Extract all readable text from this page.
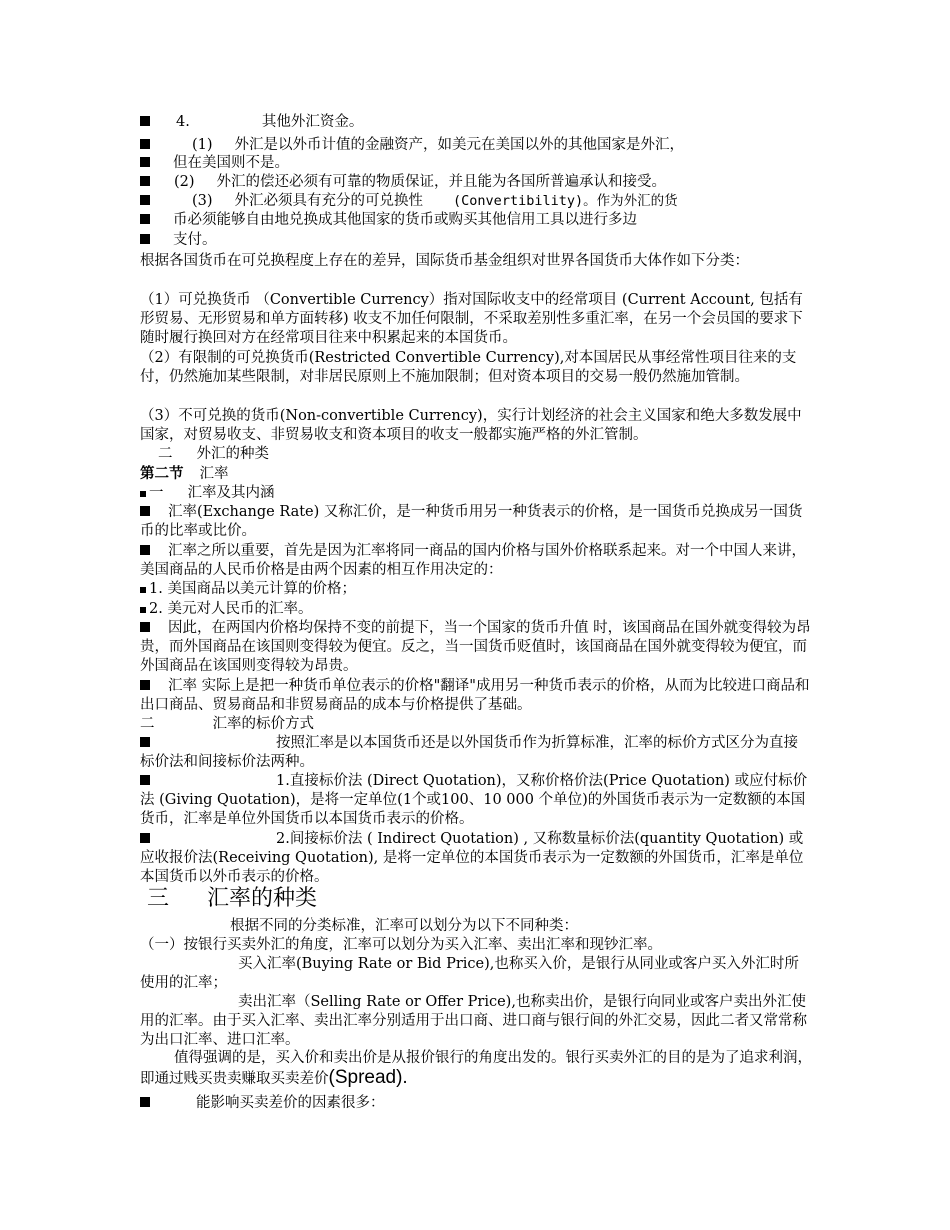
4.	其他外汇资金。
(1) 外汇是以外币计值的金融资产，如美元在美国以外的其他国家是外汇，
但在美国则不是。
(2) 外汇的偿还必须有可靠的物质保证，并且能为各国所普遍承认和接受。
(3) 外汇必须具有充分的可兑换性 (Convertibility)。作为外汇的货
币必须能够自由地兑换成其他国家的货币或购买其他信用工具以进行多边
支付。
根据各国货币在可兑换程度上存在的差异，国际货币基金组织对世界各国货币大体作如下分类：
（1）可兑换货币 （Convertible Currency）指对国际收支中的经常项目 (Current Account, 包括有形贸易、无形贸易和单方面转移) 收支不加任何限制，不采取差别性多重汇率，在另一个会员国的要求下随时履行换回对方在经常项目往来中积累起来的本国货币。
（2）有限制的可兑换货币(Restricted Convertible Currency),对本国居民从事经常性项目往来的支付，仍然施加某些限制，对非居民原则上不施加限制；但对资本项目的交易一般仍然施加管制。
（3）不可兑换的货币(Non-convertible Currency)，实行计划经济的社会主义国家和绝大多数发展中国家，对贸易收支、非贸易收支和资本项目的收支一般都实施严格的外汇管制。
二 外汇的种类
第二节 汇率
一 汇率及其内涵
汇率(Exchange Rate) 又称汇价，是一种货币用另一种货表示的价格，是一国货币兑换成另一国货币的比率或比价。
汇率之所以重要，首先是因为汇率将同一商品的国内价格与国外价格联系起来。对一个中国人来讲，美国商品的人民币价格是由两个因素的相互作用决定的：
1. 美国商品以美元计算的价格；
2. 美元对人民币的汇率。
因此，在两国内价格均保持不变的前提下，当一个国家的货币升值 时，该国商品在国外就变得较为昂贵，而外国商品在该国则变得较为便宜。反之，当一国货币贬值时，该国商品在国外就变得较为便宜，而外国商品在该国则变得较为昂贵。
汇率 实际上是把一种货币单位表示的价格"翻译"成用另一种货币表示的价格，从而为比较进口商品和出口商品、贸易商品和非贸易商品的成本与价格提供了基础。
二	汇率的标价方式
按照汇率是以本国货币还是以外国货币作为折算标准，汇率的标价方式区分为直接标价法和间接标价法两种。
1.直接标价法 (Direct Quotation)，又称价格价法(Price Quotation) 或应付标价法 (Giving Quotation)，是将一定单位(1个或100、10 000 个单位)的外国货币表示为一定数额的本国货币，汇率是单位外国货币以本国货币表示的价格。
2.间接标价法 ( Indirect Quotation) , 又称数量标价法(quantity Quotation) 或应收报价法(Receiving Quotation), 是将一定单位的本国货币表示为一定数额的外国货币，汇率是单位本国货币以外币表示的价格。
三 汇率的种类
根据不同的分类标准，汇率可以划分为以下不同种类：
（一）按银行买卖外汇的角度，汇率可以划分为买入汇率、卖出汇率和现钞汇率。
买入汇率(Buying Rate or Bid Price),也称买入价，是银行从同业或客户买入外汇时所使用的汇率；
卖出汇率（Selling Rate or Offer Price),也称卖出价，是银行向同业或客户卖出外汇使用的汇率。由于买入汇率、卖出汇率分别适用于出口商、进口商与银行间的外汇交易，因此二者又常常称为出口汇率、进口汇率。
值得强调的是，买入价和卖出价是从报价银行的角度出发的。银行买卖外汇的目的是为了追求利润，即通过贱买贵卖赚取买卖差价(Spread).
能影响买卖差价的因素很多：
